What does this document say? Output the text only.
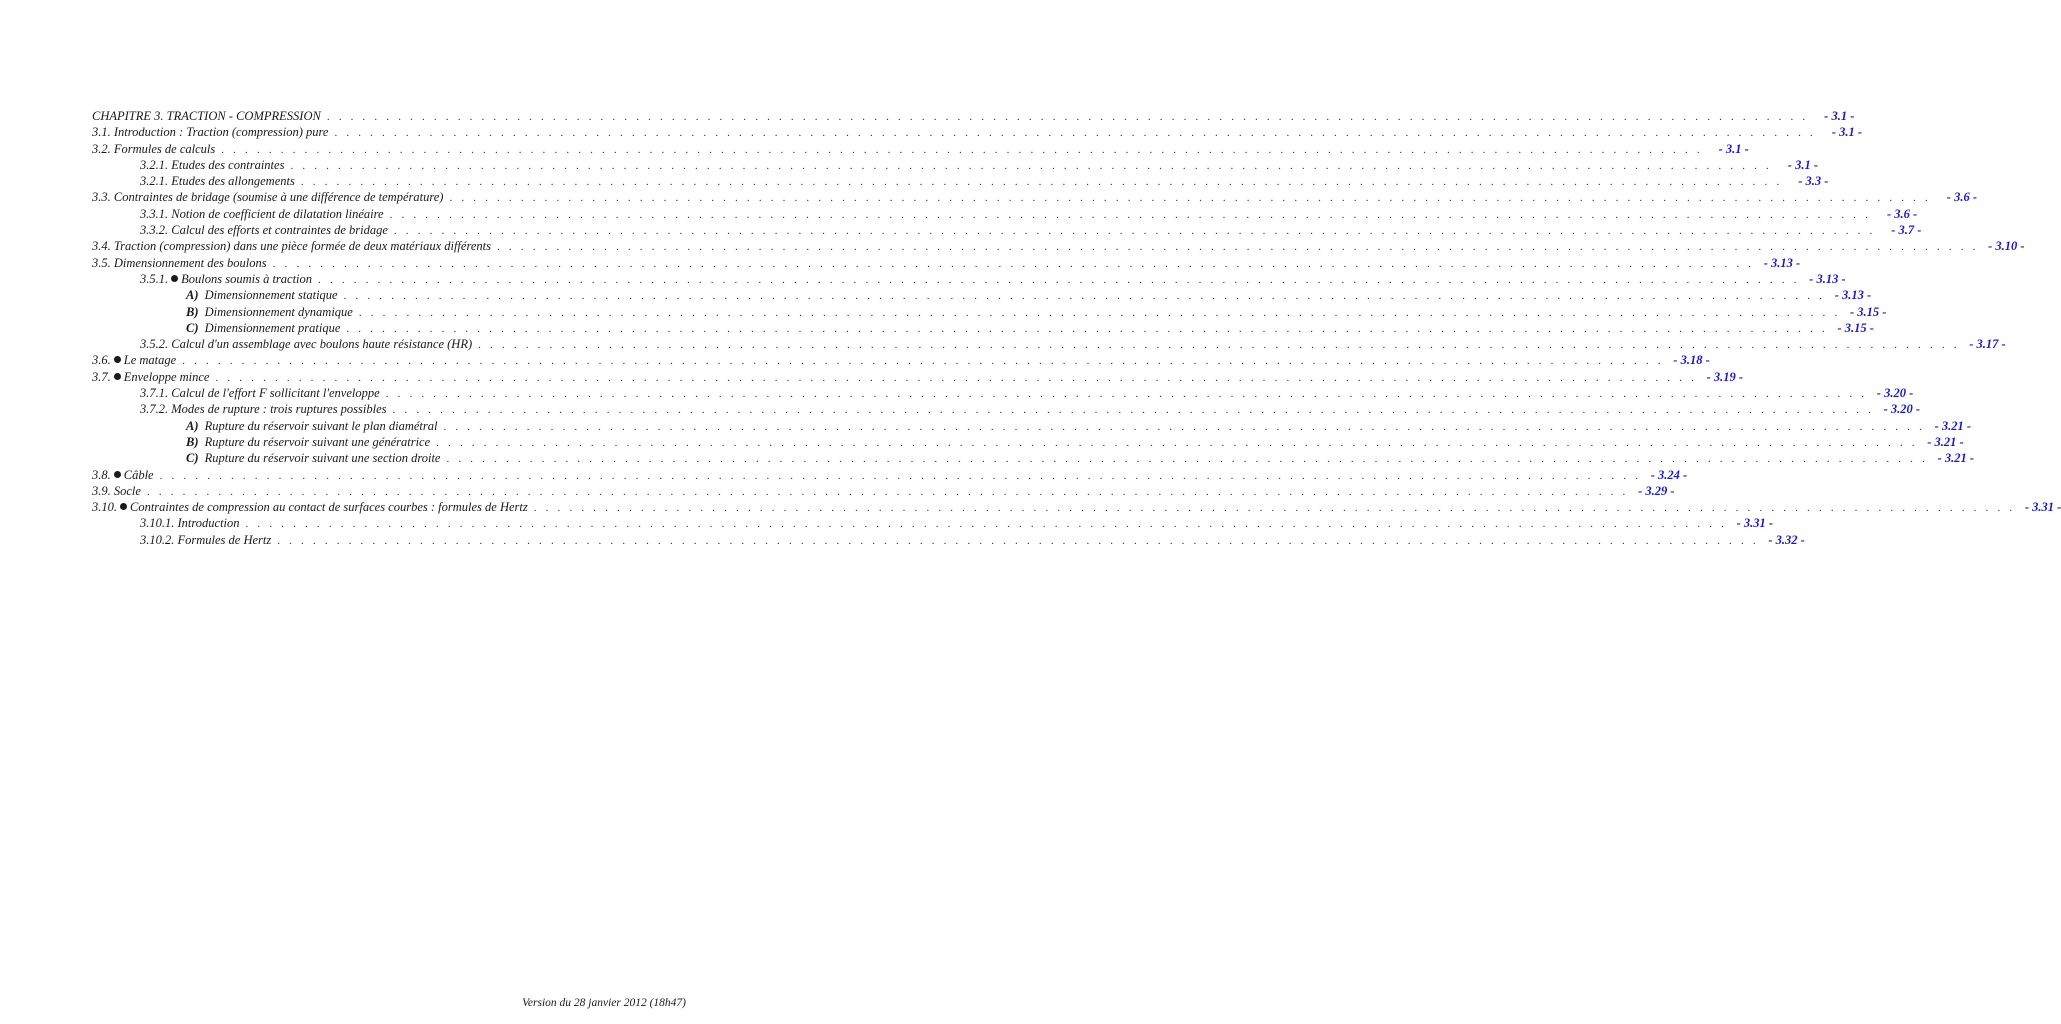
CHAPITRE 3. TRACTION - COMPRESSION . . .	- 3.1 -
3.1. Introduction : Traction (compression) pure . . .	- 3.1 -
3.2. Formules de calculs . . .	- 3.1 -
3.2.1. Etudes des contraintes . . .	- 3.1 -
3.2.1. Etudes des allongements . . .	- 3.3 -
3.3. Contraintes de bridage (soumise à une différence de température) . . .	- 3.6 -
3.3.1. Notion de coefficient de dilatation linéaire . . .	- 3.6 -
3.3.2. Calcul des efforts et contraintes de bridage . . .	- 3.7 -
3.4. Traction (compression) dans une pièce formée de deux matériaux différents . . .	- 3.10 -
3.5. Dimensionnement des boulons . . .	- 3.13 -
3.5.1. Boulons soumis à traction . . .	- 3.13 -
A) Dimensionnement statique . . .	- 3.13 -
B) Dimensionnement dynamique . . .	- 3.15 -
C) Dimensionnement pratique . . .	- 3.15 -
3.5.2. Calcul d'un assemblage avec boulons haute résistance (HR) . . .	- 3.17 -
3.6. Le matage . . .	- 3.18 -
3.7. Enveloppe mince . . .	- 3.19 -
3.7.1. Calcul de l'effort F sollicitant l'enveloppe . . .	- 3.20 -
3.7.2. Modes de rupture : trois ruptures possibles . . .	- 3.20 -
A) Rupture du réservoir suivant le plan diamétral . . .	- 3.21 -
B) Rupture du réservoir suivant une génératrice . . .	- 3.21 -
C) Rupture du réservoir suivant une section droite . . .	- 3.21 -
3.8. Câble . . .	- 3.24 -
3.9. Socle . . .	- 3.29 -
3.10. Contraintes de compression au contact de surfaces courbes : formules de Hertz . . .	- 3.31 -
3.10.1. Introduction . . .	- 3.31 -
3.10.2. Formules de Hertz . . .	- 3.32 -
Version du 28 janvier 2012 (18h47)
